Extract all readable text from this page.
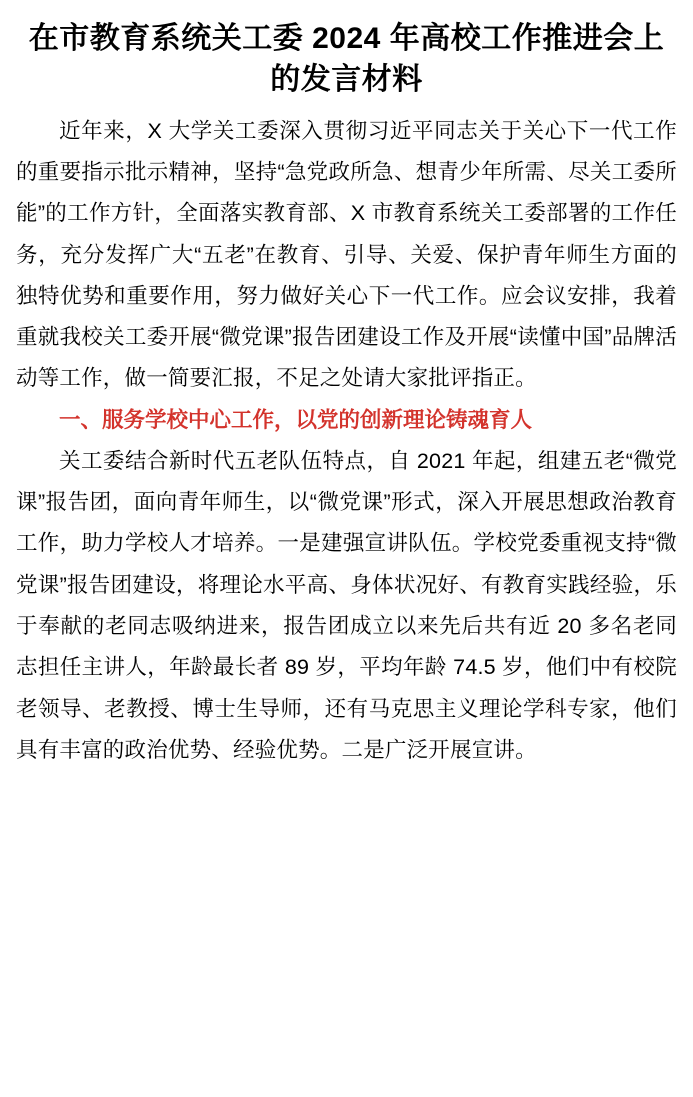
在市教育系统关工委 2024 年高校工作推进会上的发言材料

近年来，X 大学关工委深入贯彻习近平同志关于关心下一代工作的重要指示批示精神，坚持“急党政所急、想青少年所需、尽关工委所能”的工作方针，全面落实教育部、X 市教育系统关工委部署的工作任务，充分发挥广大“五老”在教育、引导、关爱、保护青年师生方面的独特优势和重要作用，努力做好关心下一代工作。应会议安排，我着重就我校关工委开展“微党课”报告团建设工作及开展“读懂中国”品牌活动等工作，做一简要汇报，不足之处请大家批评指正。

一、服务学校中心工作，以党的创新理论铸魂育人

关工委结合新时代五老队伍特点，自 2021 年起，组建五老“微党课”报告团，面向青年师生，以“微党课”形式，深入开展思想政治教育工作，助力学校人才培养。一是建强宣讲队伍。学校党委重视支持“微党课”报告团建设，将理论水平高、身体状况好、有教育实践经验，乐于奉献的老同志吸纳进来，报告团成立以来先后共有近 20 多名老同志担任主讲人，年龄最长者 89 岁，平均年龄 74.5 岁，他们中有校院老领导、老教授、博士生导师，还有马克思主义理论学科专家，他们具有丰富的政治优势、经验优势。二是广泛开展宣讲。
